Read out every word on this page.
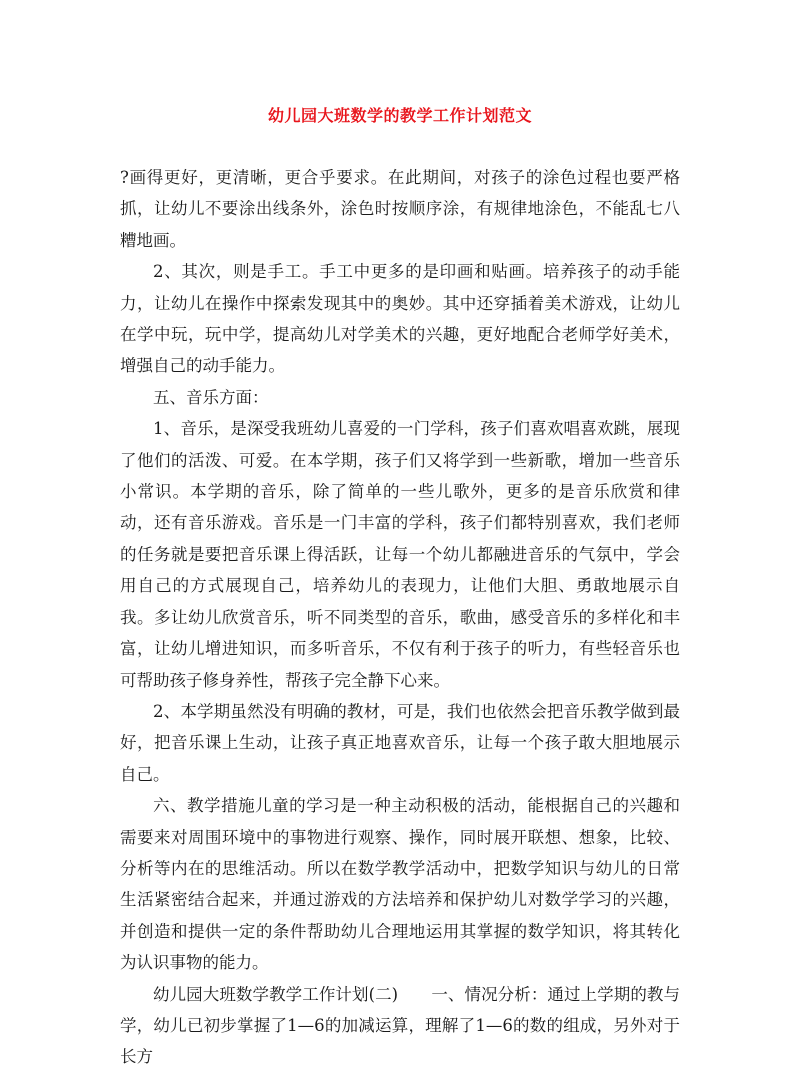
幼儿园大班数学的教学工作计划范文

?画得更好，更清晰，更合乎要求。在此期间，对孩子的涂色过程也要严格抓，让幼儿不要涂出线条外，涂色时按顺序涂，有规律地涂色，不能乱七八糟地画。

2、其次，则是手工。手工中更多的是印画和贴画。培养孩子的动手能力，让幼儿在操作中探索发现其中的奥妙。其中还穿插着美术游戏，让幼儿在学中玩，玩中学，提高幼儿对学美术的兴趣，更好地配合老师学好美术，增强自己的动手能力。

五、音乐方面：

1、音乐，是深受我班幼儿喜爱的一门学科，孩子们喜欢唱喜欢跳，展现了他们的活泼、可爱。在本学期，孩子们又将学到一些新歌，增加一些音乐小常识。本学期的音乐，除了简单的一些儿歌外，更多的是音乐欣赏和律动，还有音乐游戏。音乐是一门丰富的学科，孩子们都特别喜欢，我们老师的任务就是要把音乐课上得活跃，让每一个幼儿都融进音乐的气氛中，学会用自己的方式展现自己，培养幼儿的表现力，让他们大胆、勇敢地展示自我。多让幼儿欣赏音乐，听不同类型的音乐，歌曲，感受音乐的多样化和丰富，让幼儿增进知识，而多听音乐，不仅有利于孩子的听力，有些轻音乐也可帮助孩子修身养性，帮孩子完全静下心来。

2、本学期虽然没有明确的教材，可是，我们也依然会把音乐教学做到最好，把音乐课上生动，让孩子真正地喜欢音乐，让每一个孩子敢大胆地展示自己。

六、教学措施儿童的学习是一种主动积极的活动，能根据自己的兴趣和需要来对周围环境中的事物进行观察、操作，同时展开联想、想象，比较、分析等内在的思维活动。所以在数学教学活动中，把数学知识与幼儿的日常生活紧密结合起来，并通过游戏的方法培养和保护幼儿对数学学习的兴趣，并创造和提供一定的条件帮助幼儿合理地运用其掌握的数学知识，将其转化为认识事物的能力。

幼儿园大班数学教学工作计划(二)　　一、情况分析：通过上学期的教与学，幼儿已初步掌握了1—6的加减运算，理解了1—6的数的组成，另外对于长方
